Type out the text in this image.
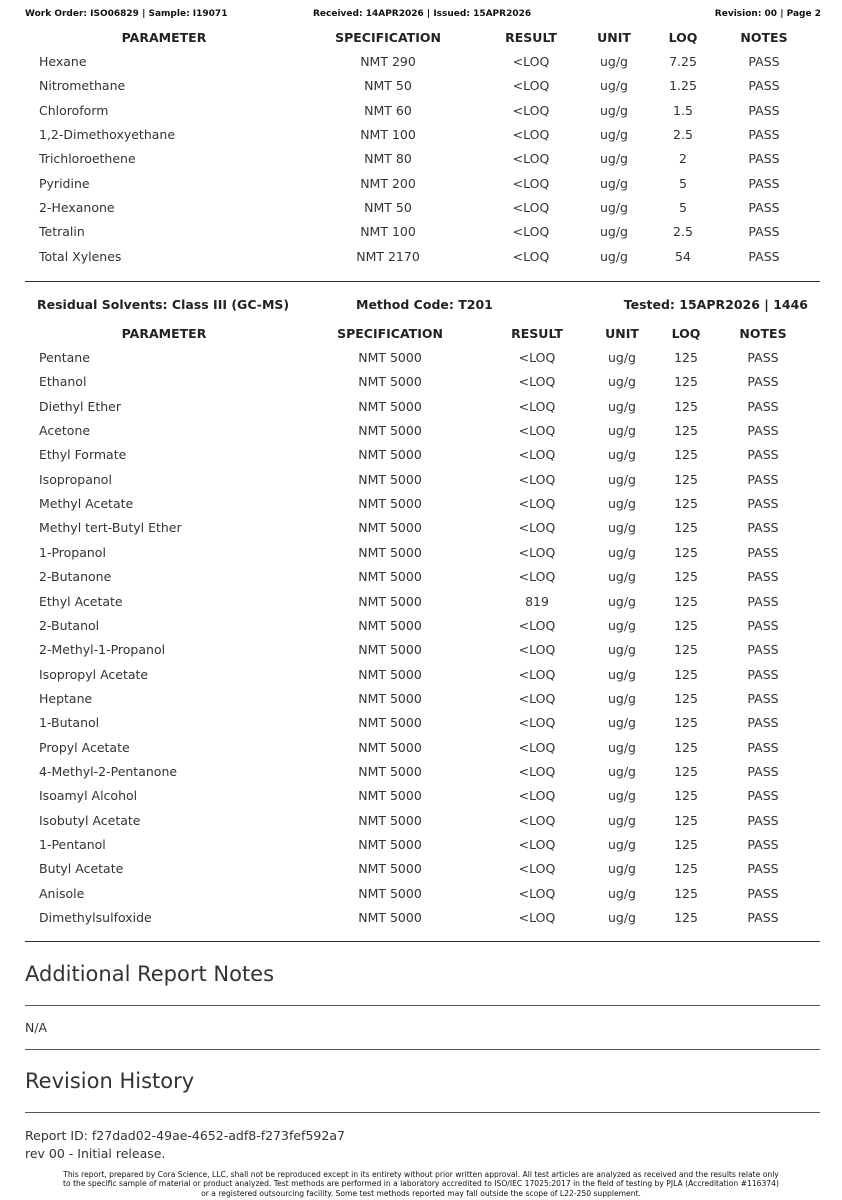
Work Order: ISO06829 | Sample: I19071	Received: 14APR2026 | Issued: 15APR2026	Revision: 00 | Page 2
PARAMETER	SPECIFICATION	RESULT	UNIT	LOQ	NOTES
Hexane	NMT 290	<LOQ	ug/g	7.25	PASS
Nitromethane	NMT 50	<LOQ	ug/g	1.25	PASS
Chloroform	NMT 60	<LOQ	ug/g	1.5	PASS
1,2-Dimethoxyethane	NMT 100	<LOQ	ug/g	2.5	PASS
Trichloroethene	NMT 80	<LOQ	ug/g	2	PASS
Pyridine	NMT 200	<LOQ	ug/g	5	PASS
2-Hexanone	NMT 50	<LOQ	ug/g	5	PASS
Tetralin	NMT 100	<LOQ	ug/g	2.5	PASS
Total Xylenes	NMT 2170	<LOQ	ug/g	54	PASS
Residual Solvents: Class III (GC-MS)	Method Code: T201	Tested: 15APR2026 | 1446
PARAMETER	SPECIFICATION	RESULT	UNIT	LOQ	NOTES
Pentane	NMT 5000	<LOQ	ug/g	125	PASS
Ethanol	NMT 5000	<LOQ	ug/g	125	PASS
Diethyl Ether	NMT 5000	<LOQ	ug/g	125	PASS
Acetone	NMT 5000	<LOQ	ug/g	125	PASS
Ethyl Formate	NMT 5000	<LOQ	ug/g	125	PASS
Isopropanol	NMT 5000	<LOQ	ug/g	125	PASS
Methyl Acetate	NMT 5000	<LOQ	ug/g	125	PASS
Methyl tert-Butyl Ether	NMT 5000	<LOQ	ug/g	125	PASS
1-Propanol	NMT 5000	<LOQ	ug/g	125	PASS
2-Butanone	NMT 5000	<LOQ	ug/g	125	PASS
Ethyl Acetate	NMT 5000	819	ug/g	125	PASS
2-Butanol	NMT 5000	<LOQ	ug/g	125	PASS
2-Methyl-1-Propanol	NMT 5000	<LOQ	ug/g	125	PASS
Isopropyl Acetate	NMT 5000	<LOQ	ug/g	125	PASS
Heptane	NMT 5000	<LOQ	ug/g	125	PASS
1-Butanol	NMT 5000	<LOQ	ug/g	125	PASS
Propyl Acetate	NMT 5000	<LOQ	ug/g	125	PASS
4-Methyl-2-Pentanone	NMT 5000	<LOQ	ug/g	125	PASS
Isoamyl Alcohol	NMT 5000	<LOQ	ug/g	125	PASS
Isobutyl Acetate	NMT 5000	<LOQ	ug/g	125	PASS
1-Pentanol	NMT 5000	<LOQ	ug/g	125	PASS
Butyl Acetate	NMT 5000	<LOQ	ug/g	125	PASS
Anisole	NMT 5000	<LOQ	ug/g	125	PASS
Dimethylsulfoxide	NMT 5000	<LOQ	ug/g	125	PASS
Additional Report Notes
N/A
Revision History
Report ID: f27dad02-49ae-4652-adf8-f273fef592a7
rev 00 - Initial release.
This report, prepared by Cora Science, LLC, shall not be reproduced except in its entirety without prior written approval. All test articles are analyzed as received and the results relate only
to the specific sample of material or product analyzed. Test methods are performed in a laboratory accredited to ISO/IEC 17025:2017 in the field of testing by PJLA (Accreditation #116374)
or a registered outsourcing facility. Some test methods reported may fall outside the scope of L22-250 supplement.
